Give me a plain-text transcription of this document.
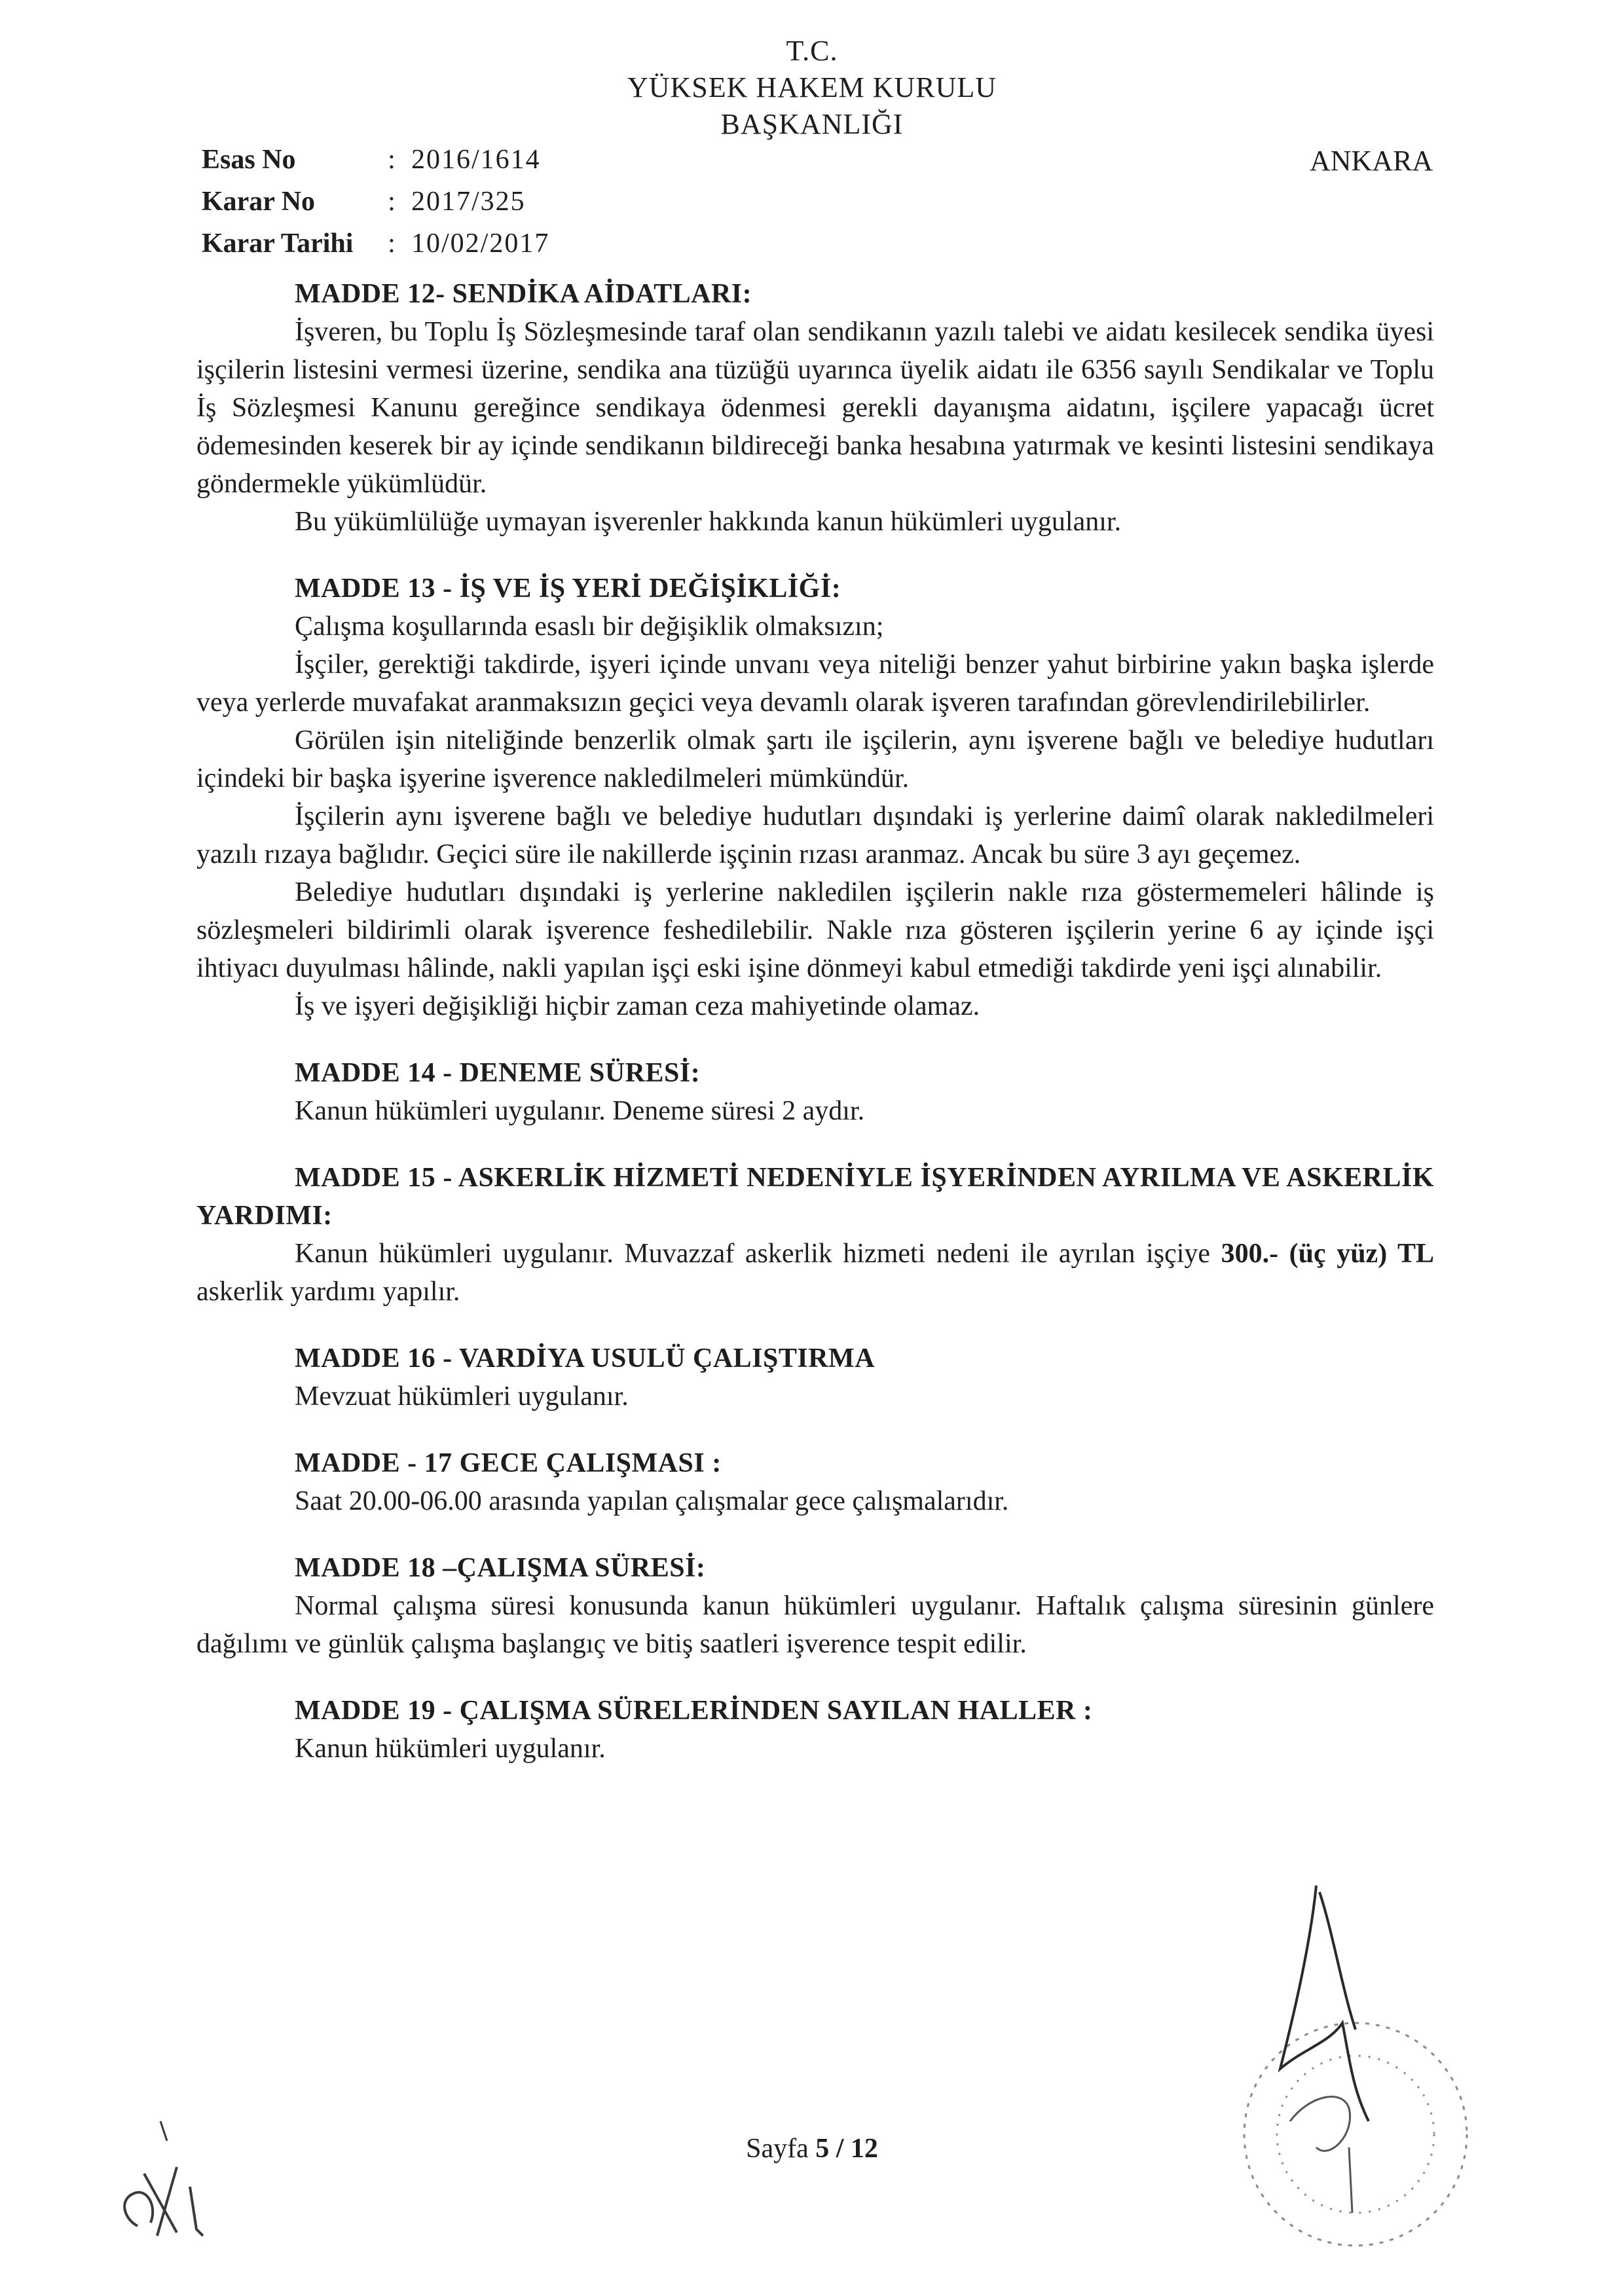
T.C.
YÜKSEK HAKEM KURULU
BAŞKANLIĞI
ANKARA
Esas No	: 2016/1614
Karar No	: 2017/325
Karar Tarihi	: 10/02/2017
MADDE 12- SENDİKA AİDATLARI:
İşveren, bu Toplu İş Sözleşmesinde taraf olan sendikanın yazılı talebi ve aidatı kesilecek sendika üyesi işçilerin listesini vermesi üzerine, sendika ana tüzüğü uyarınca üyelik aidatı ile 6356 sayılı Sendikalar ve Toplu İş Sözleşmesi Kanunu gereğince sendikaya ödenmesi gerekli dayanışma aidatını, işçilere yapacağı ücret ödemesinden keserek bir ay içinde sendikanın bildireceği banka hesabına yatırmak ve kesinti listesini sendikaya göndermekle yükümlüdür.
Bu yükümlülüğe uymayan işverenler hakkında kanun hükümleri uygulanır.
MADDE 13 - İŞ VE İŞ YERİ DEĞİŞİKLİĞİ:
Çalışma koşullarında esaslı bir değişiklik olmaksızın;
İşçiler, gerektiği takdirde, işyeri içinde unvanı veya niteliği benzer yahut birbirine yakın başka işlerde veya yerlerde muvafakat aranmaksızın geçici veya devamlı olarak işveren tarafından görevlendirilebilirler.
Görülen işin niteliğinde benzerlik olmak şartı ile işçilerin, aynı işverene bağlı ve belediye hudutları içindeki bir başka işyerine işverence nakledilmeleri mümkündür.
İşçilerin aynı işverene bağlı ve belediye hudutları dışındaki iş yerlerine daimî olarak nakledilmeleri yazılı rızaya bağlıdır. Geçici süre ile nakillerde işçinin rızası aranmaz. Ancak bu süre 3 ayı geçemez.
Belediye hudutları dışındaki iş yerlerine nakledilen işçilerin nakle rıza göstermemeleri hâlinde iş sözleşmeleri bildirimli olarak işverence feshedilebilir. Nakle rıza gösteren işçilerin yerine 6 ay içinde işçi ihtiyacı duyulması hâlinde, nakli yapılan işçi eski işine dönmeyi kabul etmediği takdirde yeni işçi alınabilir.
İş ve işyeri değişikliği hiçbir zaman ceza mahiyetinde olamaz.
MADDE 14 - DENEME SÜRESİ:
Kanun hükümleri uygulanır. Deneme süresi 2 aydır.
MADDE 15 - ASKERLİK HİZMETİ NEDENİYLE İŞYERİNDEN AYRILMA VE ASKERLİK YARDIMI:
Kanun hükümleri uygulanır. Muvazzaf askerlik hizmeti nedeni ile ayrılan işçiye 300.- (üç yüz) TL askerlik yardımı yapılır.
MADDE 16 - VARDİYA USULÜ ÇALIŞTIRMA
Mevzuat hükümleri uygulanır.
MADDE - 17 GECE ÇALIŞMASI :
Saat 20.00-06.00 arasında yapılan çalışmalar gece çalışmalarıdır.
MADDE 18 –ÇALIŞMA SÜRESİ:
Normal çalışma süresi konusunda kanun hükümleri uygulanır. Haftalık çalışma süresinin günlere dağılımı ve günlük çalışma başlangıç ve bitiş saatleri işverence tespit edilir.
MADDE 19 - ÇALIŞMA SÜRELERİNDEN SAYILAN HALLER :
Kanun hükümleri uygulanır.
Sayfa 5 / 12
